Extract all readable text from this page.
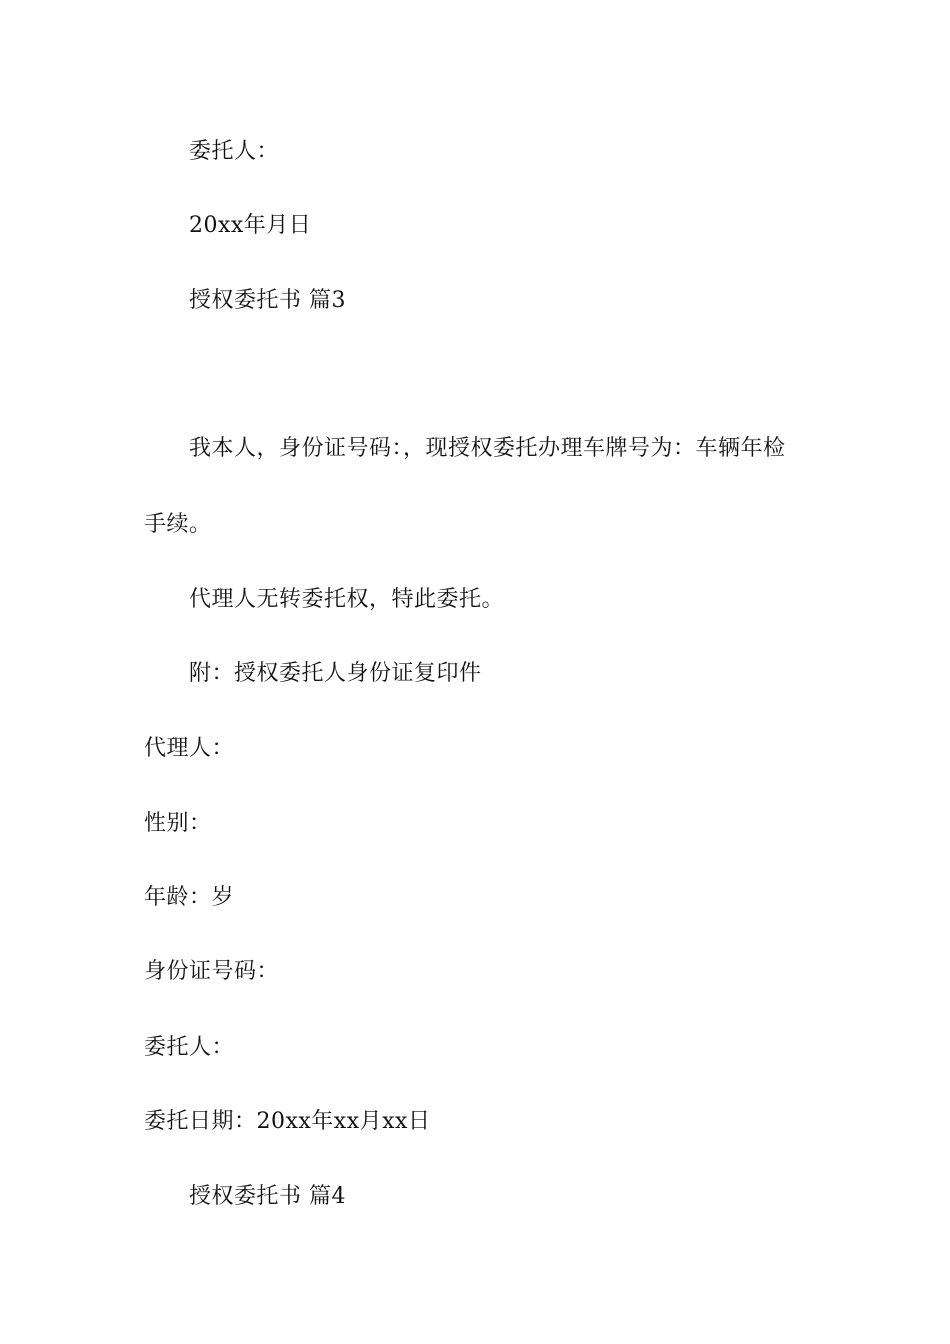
委托人：
20xx年月日
授权委托书 篇3
我本人，身份证号码：，现授权委托办理车牌号为：车辆年检
手续。
代理人无转委托权，特此委托。
附：授权委托人身份证复印件
代理人：
性别：
年龄：岁
身份证号码：
委托人：
委托日期：20xx年xx月xx日
授权委托书 篇4
